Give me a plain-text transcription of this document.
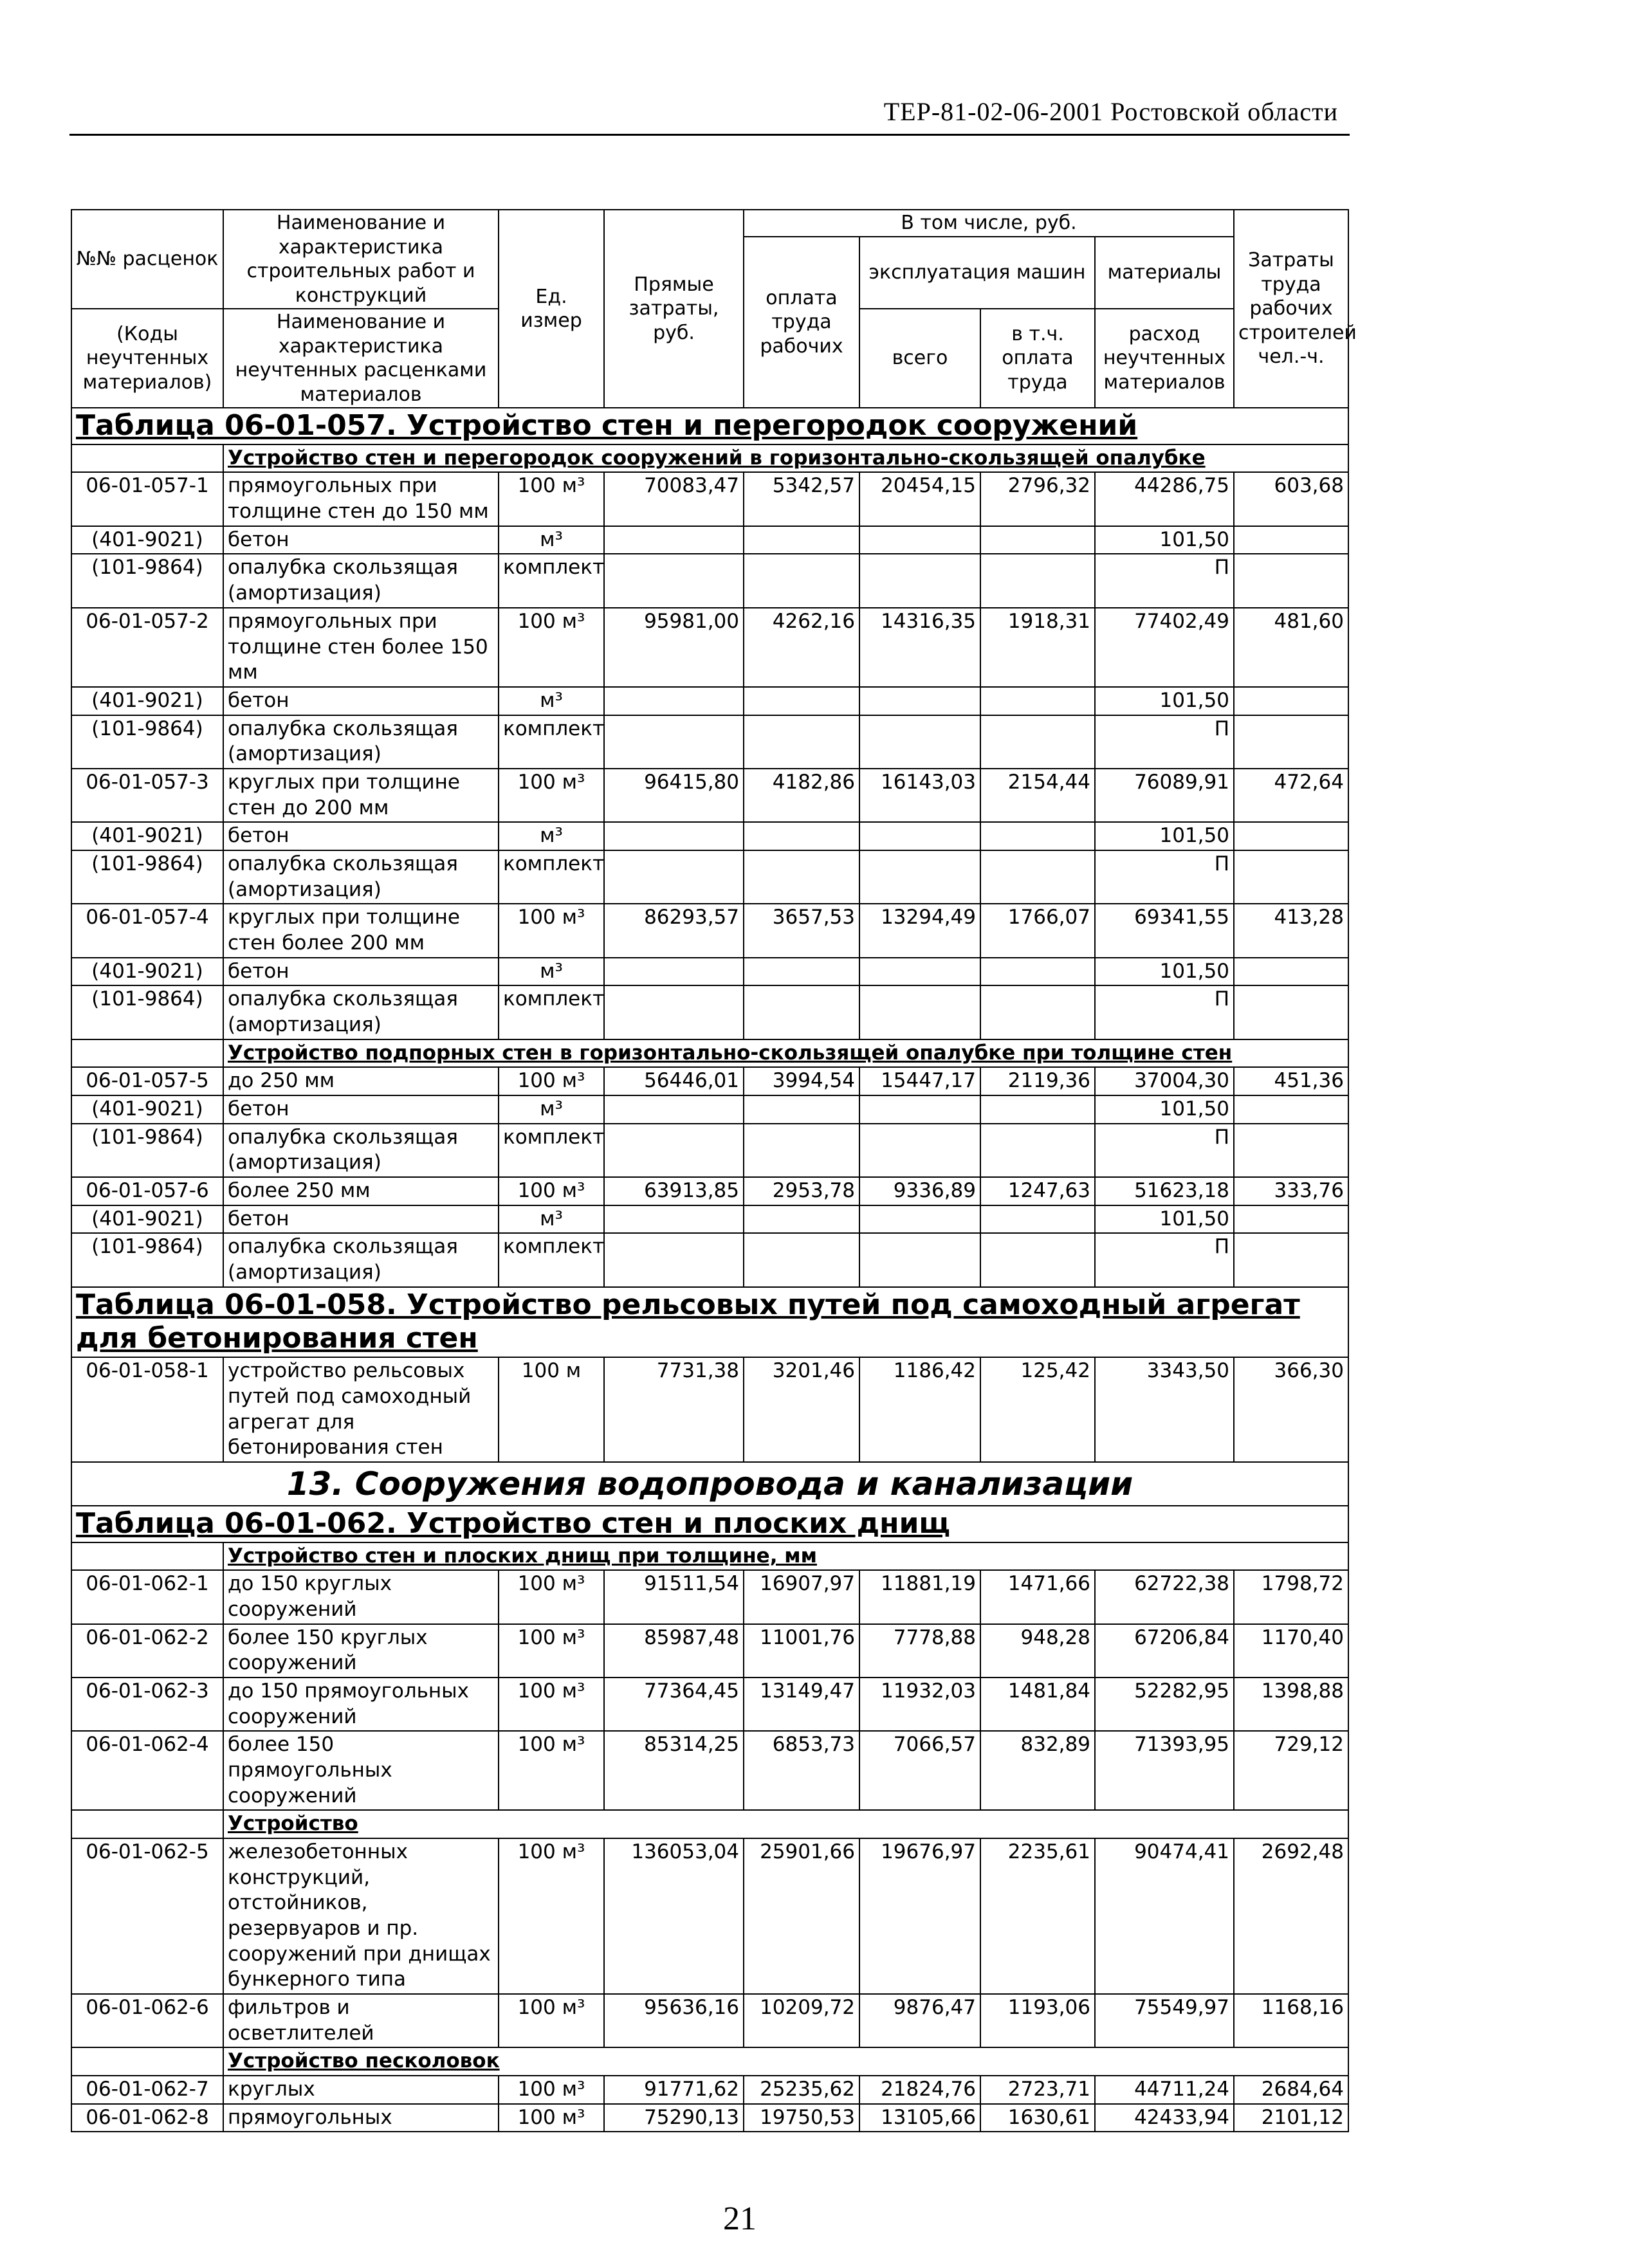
ТЕР-81-02-06-2001 Ростовской области
№№ расценок	Наименование и характеристика строительных работ и конструкций	Ед. измер	Прямые затраты, руб.	В том числе, руб.				Затраты труда рабочих строителей чел.-ч.
				оплата труда рабочих	эксплуатация машин		материалы	
(Коды неучтенных материалов)	Наименование и характеристика неучтенных расценками материалов				всего	в т.ч. оплата труда	расход неучтенных материалов	

Таблица 06-01-057. Устройство стен и перегородок сооружений								
	Устройство стен и перегородок сооружений в горизонтально-скользящей опалубке							
06-01-057-1	прямоугольных при толщине стен до 150 мм	100 м³	70083,47	5342,57	20454,15	2796,32	44286,75	603,68
(401-9021)	бетон	м³					101,50	
(101-9864)	опалубка скользящая (амортизация)	комплект					П	
06-01-057-2	прямоугольных при толщине стен более 150 мм	100 м³	95981,00	4262,16	14316,35	1918,31	77402,49	481,60
(401-9021)	бетон	м³					101,50	
(101-9864)	опалубка скользящая (амортизация)	комплект					П	
06-01-057-3	круглых при толщине стен до 200 мм	100 м³	96415,80	4182,86	16143,03	2154,44	76089,91	472,64
(401-9021)	бетон	м³					101,50	
(101-9864)	опалубка скользящая (амортизация)	комплект					П	
06-01-057-4	круглых при толщине стен более 200 мм	100 м³	86293,57	3657,53	13294,49	1766,07	69341,55	413,28
(401-9021)	бетон	м³					101,50	
(101-9864)	опалубка скользящая (амортизация)	комплект					П	
	Устройство подпорных стен в горизонтально-скользящей опалубке при толщине стен							
06-01-057-5	до 250 мм	100 м³	56446,01	3994,54	15447,17	2119,36	37004,30	451,36
(401-9021)	бетон	м³					101,50	
(101-9864)	опалубка скользящая (амортизация)	комплект					П	
06-01-057-6	более 250 мм	100 м³	63913,85	2953,78	9336,89	1247,63	51623,18	333,76
(401-9021)	бетон	м³					101,50	
(101-9864)	опалубка скользящая (амортизация)	комплект					П	
Таблица 06-01-058. Устройство рельсовых путей под самоходный агрегат для бетонирования стен								
06-01-058-1	устройство рельсовых путей под самоходный агрегат для бетонирования стен	100 м	7731,38	3201,46	1186,42	125,42	3343,50	366,30
13. Сооружения водопровода и канализации								
Таблица 06-01-062. Устройство стен и плоских днищ								
	Устройство стен и плоских днищ при толщине, мм							
06-01-062-1	до 150 круглых сооружений	100 м³	91511,54	16907,97	11881,19	1471,66	62722,38	1798,72
06-01-062-2	более 150 круглых сооружений	100 м³	85987,48	11001,76	7778,88	948,28	67206,84	1170,40
06-01-062-3	до 150 прямоугольных сооружений	100 м³	77364,45	13149,47	11932,03	1481,84	52282,95	1398,88
06-01-062-4	более 150 прямоугольных сооружений	100 м³	85314,25	6853,73	7066,57	832,89	71393,95	729,12
	Устройство							
06-01-062-5	железобетонных конструкций, отстойников, резервуаров и пр. сооружений при днищах бункерного типа	100 м³	136053,04	25901,66	19676,97	2235,61	90474,41	2692,48
06-01-062-6	фильтров и осветлителей	100 м³	95636,16	10209,72	9876,47	1193,06	75549,97	1168,16
	Устройство песколовок							
06-01-062-7	круглых	100 м³	91771,62	25235,62	21824,76	2723,71	44711,24	2684,64
06-01-062-8	прямоугольных	100 м³	75290,13	19750,53	13105,66	1630,61	42433,94	2101,12
21
